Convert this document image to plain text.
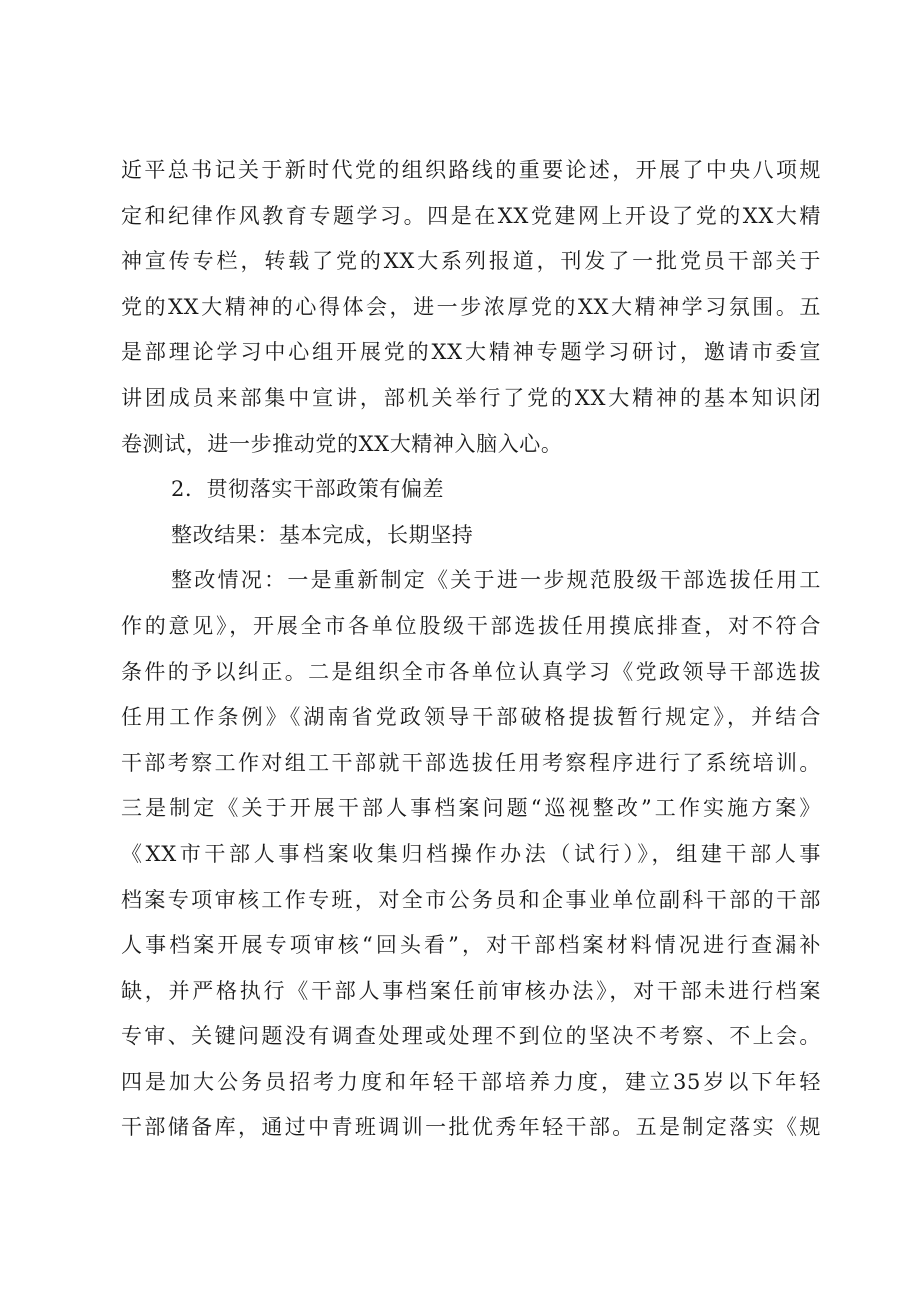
近平总书记关于新时代党的组织路线的重要论述，开展了中央八项规
定和纪律作风教育专题学习。四是在XX党建网上开设了党的XX大精
神宣传专栏，转载了党的XX大系列报道，刊发了一批党员干部关于
党的XX大精神的心得体会，进一步浓厚党的XX大精神学习氛围。五
是部理论学习中心组开展党的XX大精神专题学习研讨，邀请市委宣
讲团成员来部集中宣讲，部机关举行了党的XX大精神的基本知识闭
卷测试，进一步推动党的XX大精神入脑入心。
2．贯彻落实干部政策有偏差
整改结果：基本完成，长期坚持
整改情况：一是重新制定《关于进一步规范股级干部选拔任用工
作的意见》，开展全市各单位股级干部选拔任用摸底排查，对不符合
条件的予以纠正。二是组织全市各单位认真学习《党政领导干部选拔
任用工作条例》《湖南省党政领导干部破格提拔暂行规定》，并结合
干部考察工作对组工干部就干部选拔任用考察程序进行了系统培训。
三是制定《关于开展干部人事档案问题“巡视整改”工作实施方案》
《XX市干部人事档案收集归档操作办法（试行）》，组建干部人事
档案专项审核工作专班，对全市公务员和企事业单位副科干部的干部
人事档案开展专项审核“回头看”，对干部档案材料情况进行查漏补
缺，并严格执行《干部人事档案任前审核办法》，对干部未进行档案
专审、关键问题没有调查处理或处理不到位的坚决不考察、不上会。
四是加大公务员招考力度和年轻干部培养力度，建立35岁以下年轻
干部储备库，通过中青班调训一批优秀年轻干部。五是制定落实《规
